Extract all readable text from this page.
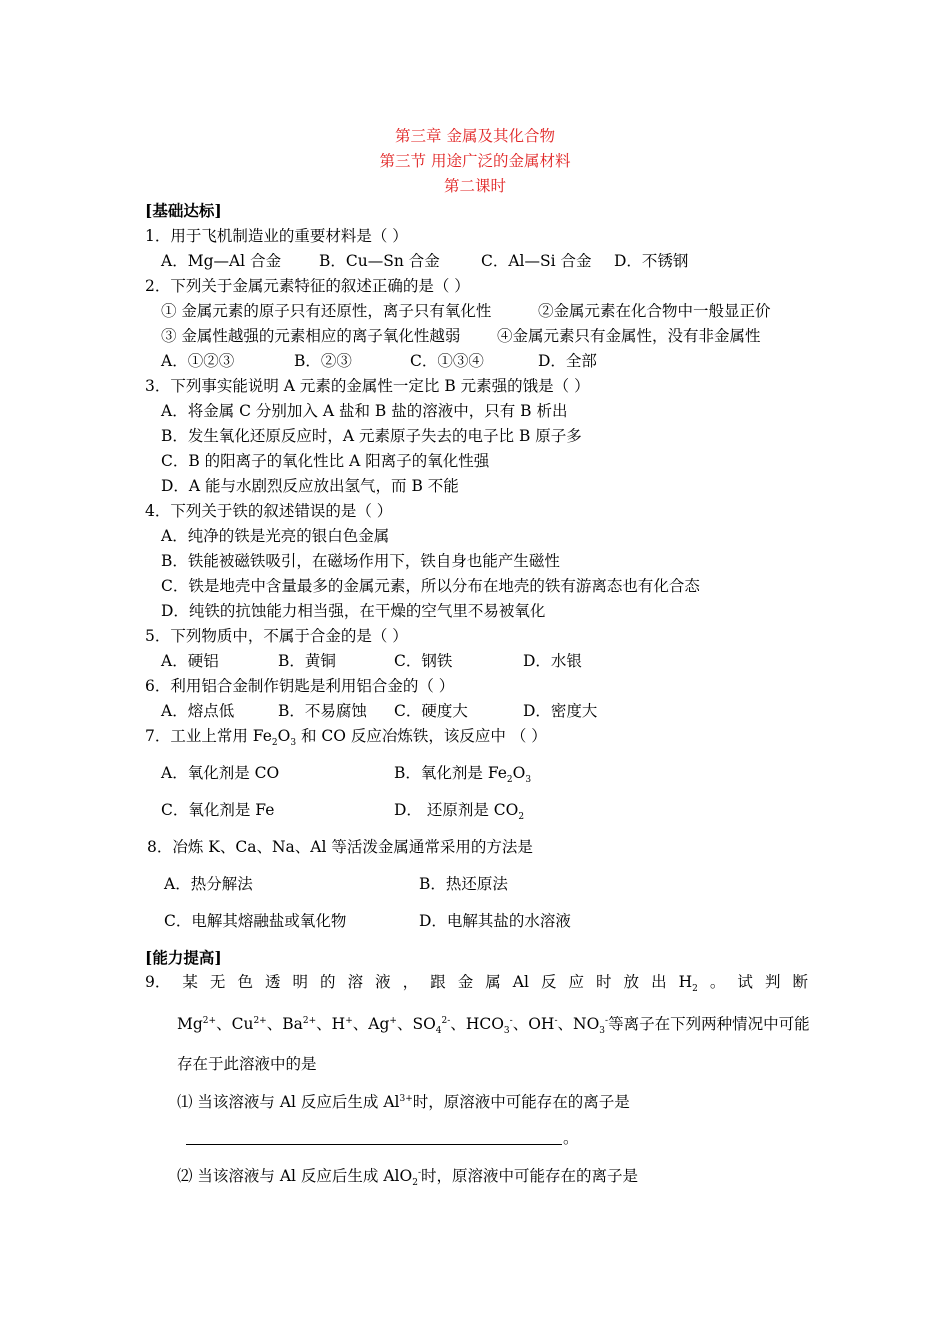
第三章 金属及其化合物
第三节 用途广泛的金属材料
第二课时
[基础达标]
1．用于飞机制造业的重要材料是（ ）
A．Mg—Al 合金 B．Cu—Sn 合金	C．Al—Si 合金 D．不锈钢
2．下列关于金属元素特征的叙述正确的是（ ）
① 金属元素的原子只有还原性，离子只有氧化性	②金属元素在化合物中一般显正价
③ 金属性越强的元素相应的离子氧化性越弱 ④金属元素只有金属性，没有非金属性
A．①②③	B．②③	C．①③④	D．全部
3．下列事实能说明 A 元素的金属性一定比 B 元素强的饿是（ ）
A．将金属 C 分别加入 A 盐和 B 盐的溶液中，只有 B 析出
B．发生氧化还原反应时，A 元素原子失去的电子比 B 原子多
C．B 的阳离子的氧化性比 A 阳离子的氧化性强
D．A 能与水剧烈反应放出氢气，而 B 不能
4．下列关于铁的叙述错误的是（ ）
A．纯净的铁是光亮的银白色金属
B．铁能被磁铁吸引，在磁场作用下，铁自身也能产生磁性
C．铁是地壳中含量最多的金属元素，所以分布在地壳的铁有游离态也有化合态
D．纯铁的抗蚀能力相当强，在干燥的空气里不易被氧化
5．下列物质中，不属于合金的是（ ）
A．硬铝	B．黄铜	C．钢铁	D．水银
6．利用铝合金制作钥匙是利用铝合金的（ ）
A．熔点低	B．不易腐蚀 C．硬度大	D．密度大
7．工业上常用 $Fe_2O_3$ 和 CO 反应冶炼铁，该反应中 （ ）
A．氧化剂是 CO	B．氧化剂是 $Fe_2O_3$
C．氧化剂是 Fe	D． 还原剂是 $CO_2$
8．冶炼 K、Ca、Na、Al 等活泼金属通常采用的方法是
A．热分解法	B．热还原法
C．电解其熔融盐或氧化物	D．电解其盐的水溶液
[能力提高]
9． 某 无 色 透 明 的 溶 液 ， 跟 金 属 Al 反 应 时 放 出 $H_2$ 。 试 判 断
$Mg^{2+}$、$Cu^{2+}$、$Ba^{2+}$、H+、Ag+、$SO_4^{2-}$、$HCO_3^-$、OH-、$NO_3^-$等离子在下列两种情况中可能
存在于此溶液中的是
⑴ 当该溶液与 Al 反应后生成 $Al^{3+}$时，原溶液中可能存在的离子是
。
⑵ 当该溶液与 Al 反应后生成 AlO$_2$-时，原溶液中可能存在的离子是
